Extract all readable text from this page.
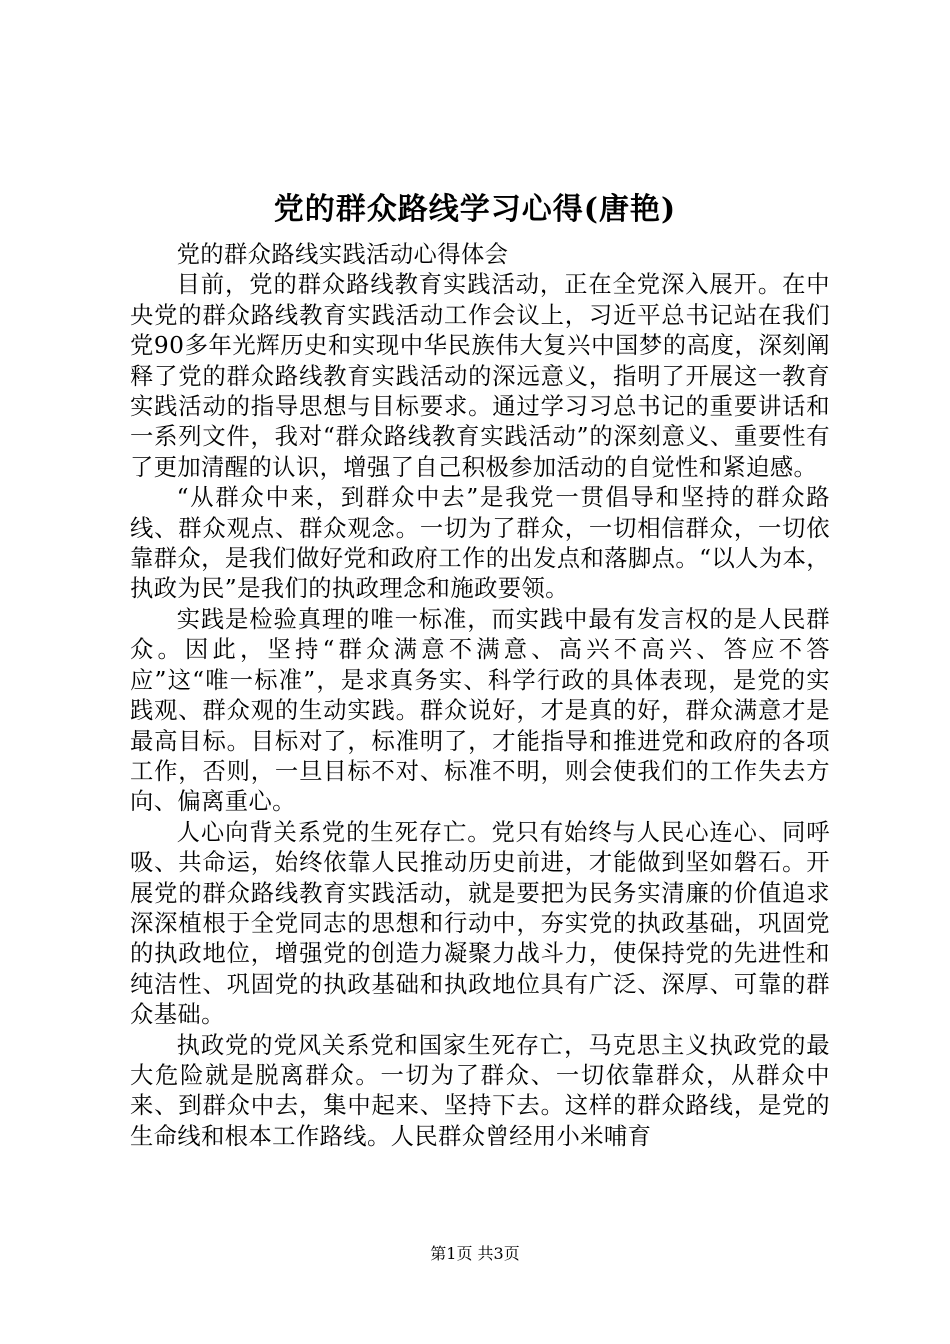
党的群众路线学习心得(唐艳)

党的群众路线实践活动心得体会

目前，党的群众路线教育实践活动，正在全党深入展开。在中央党的群众路线教育实践活动工作会议上，习近平总书记站在我们党90多年光辉历史和实现中华民族伟大复兴中国梦的高度，深刻阐释了党的群众路线教育实践活动的深远意义，指明了开展这一教育实践活动的指导思想与目标要求。通过学习习总书记的重要讲话和一系列文件，我对“群众路线教育实践活动”的深刻意义、重要性有了更加清醒的认识，增强了自己积极参加活动的自觉性和紧迫感。

“从群众中来，到群众中去”是我党一贯倡导和坚持的群众路线、群众观点、群众观念。一切为了群众，一切相信群众，一切依靠群众，是我们做好党和政府工作的出发点和落脚点。“以人为本，执政为民”是我们的执政理念和施政要领。

实践是检验真理的唯一标准，而实践中最有发言权的是人民群众。因此，坚持“群众满意不满意、高兴不高兴、答应不答应”这“唯一标准”，是求真务实、科学行政的具体表现，是党的实践观、群众观的生动实践。群众说好，才是真的好，群众满意才是最高目标。目标对了，标准明了，才能指导和推进党和政府的各项工作，否则，一旦目标不对、标准不明，则会使我们的工作失去方向、偏离重心。

人心向背关系党的生死存亡。党只有始终与人民心连心、同呼吸、共命运，始终依靠人民推动历史前进，才能做到坚如磐石。开展党的群众路线教育实践活动，就是要把为民务实清廉的价值追求深深植根于全党同志的思想和行动中，夯实党的执政基础，巩固党的执政地位，增强党的创造力凝聚力战斗力，使保持党的先进性和纯洁性、巩固党的执政基础和执政地位具有广泛、深厚、可靠的群众基础。

执政党的党风关系党和国家生死存亡，马克思主义执政党的最大危险就是脱离群众。一切为了群众、一切依靠群众，从群众中来、到群众中去，集中起来、坚持下去。这样的群众路线，是党的生命线和根本工作路线。人民群众曾经用小米哺育

第1页 共3页
